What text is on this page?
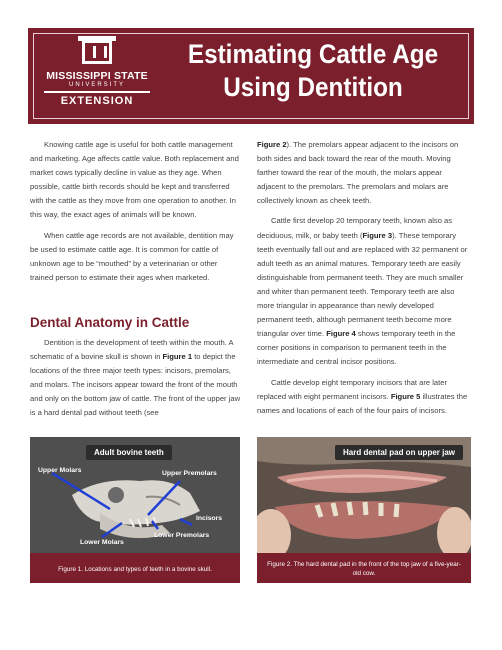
MISSISSIPPI STATE
UNIVERSITY
EXTENSION
Estimating Cattle Age
Using Dentition

Knowing cattle age is useful for both cattle management and marketing. Age affects cattle value. Both replacement and market cows typically decline in value as they age. When possible, cattle birth records should be kept and transferred with the cattle as they move from one operation to another. In this way, the exact ages of animals will be known.

When cattle age records are not available, dentition may be used to estimate cattle age. It is common for cattle of unknown age to be “mouthed” by a veterinarian or other trained person to estimate their ages when marketed.

Dental Anatomy in Cattle

Dentition is the development of teeth within the mouth. A schematic of a bovine skull is shown in Figure 1 to depict the locations of the three major teeth types: incisors, premolars, and molars. The incisors appear toward the front of the mouth and only on the bottom jaw of cattle. The front of the upper jaw is a hard dental pad without teeth (see

Figure 2). The premolars appear adjacent to the incisors on both sides and back toward the rear of the mouth. Moving farther toward the rear of the mouth, the molars appear adjacent to the premolars. The premolars and molars are collectively known as cheek teeth.

Cattle first develop 20 temporary teeth, known also as deciduous, milk, or baby teeth (Figure 3). These temporary teeth eventually fall out and are replaced with 32 permanent or adult teeth as an animal matures. Temporary teeth are easily distinguishable from permanent teeth. They are much smaller and whiter than permanent teeth. Temporary teeth are also more triangular in appearance than newly developed permanent teeth, although permanent teeth become more triangular over time. Figure 4 shows temporary teeth in the corner positions in comparison to permanent teeth in the intermediate and central incisor positions.

Cattle develop eight temporary incisors that are later replaced with eight permanent incisors. Figure 5 illustrates the names and locations of each of the four pairs of incisors.

Adult bovine teeth
Upper Molars	Upper Premolars
Incisors
Lower Premolars
Lower Molars
Figure 1. Locations and types of teeth in a bovine skull.
Hard dental pad on upper jaw
Figure 2. The hard dental pad in the front of the top jaw of a five-year-old cow.
